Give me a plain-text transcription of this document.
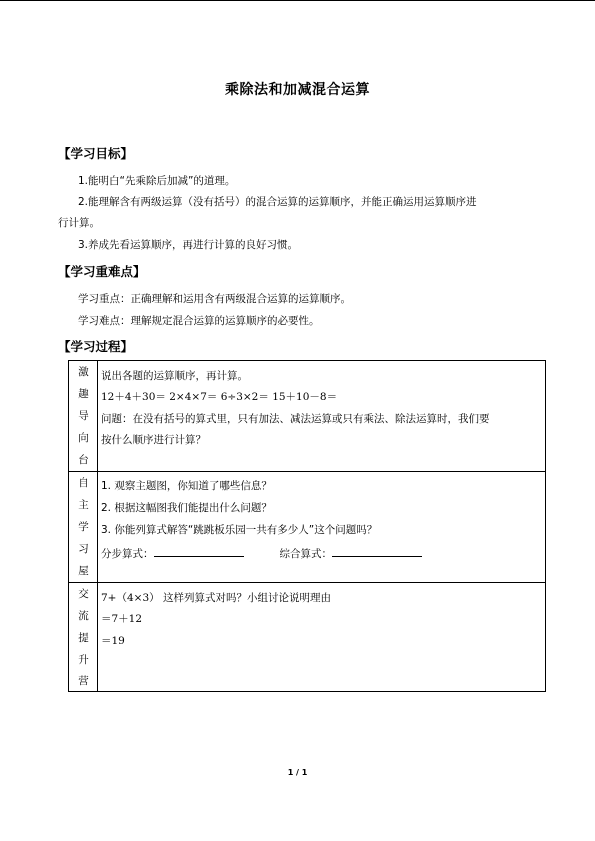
乘除法和加减混合运算
【学习目标】
1.能明白“先乘除后加减”的道理。
2.能理解含有两级运算（没有括号）的混合运算的运算顺序，并能正确运用运算顺序进
行计算。
3.养成先看运算顺序，再进行计算的良好习惯。
【学习重难点】
学习重点：正确理解和运用含有两级混合运算的运算顺序。
学习难点：理解规定混合运算的运算顺序的必要性。
【学习过程】
激
趣
导
向
台
说出各题的运算顺序，再计算。
12＋4＋30＝ 2×4×7＝ 6÷3×2＝ 15＋10－8＝
问题：在没有括号的算式里，只有加法、减法运算或只有乘法、除法运算时，我们要
按什么顺序进行计算？
自
主
学
习
屋
1. 观察主题图，你知道了哪些信息？
2. 根据这幅图我们能提出什么问题？
3. 你能列算式解答“跳跳板乐园一共有多少人”这个问题吗？
分步算式：	综合算式：
交
流
提
升
营
7+（4×3） 这样列算式对吗？小组讨论说明理由
＝7＋12
＝19
1 / 1
